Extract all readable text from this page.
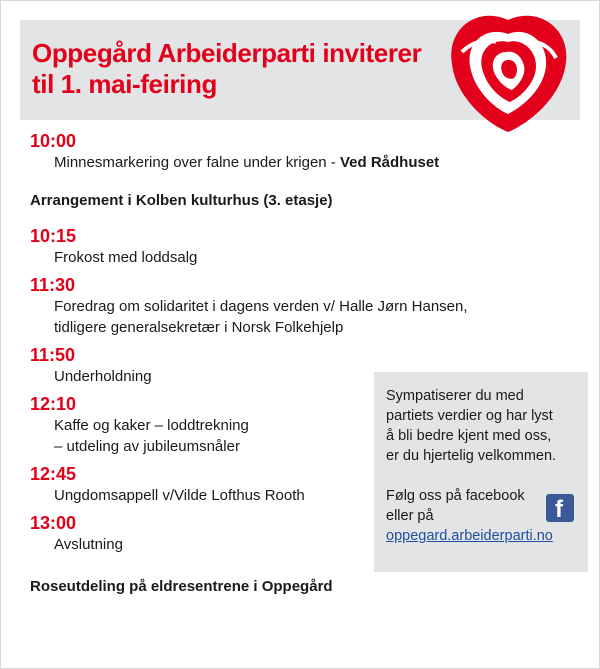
Oppegård Arbeiderparti inviterer
til 1. mai-feiring

10:00

Minnesmarkering over falne under krigen - Ved Rådhuset

Arrangement i Kolben kulturhus (3. etasje)

10:15

Frokost med loddsalg

11:30

Foredrag om solidaritet i dagens verden v/ Halle Jørn Hansen,

tidligere generalsekretær i Norsk Folkehjelp

11:50

Underholdning

12:10

Kaffe og kaker – loddtrekning

– utdeling av jubileumsnåler

12:45

Ungdomsappell v/Vilde Lofthus Rooth

13:00

Avslutning

Roseutdeling på eldresentrene i Oppegård

Sympatiserer du med

partiets verdier og har lyst

å bli bedre kjent med oss,

er du hjertelig velkommen.

Følg oss på facebook

eller på

oppegard.arbeiderparti.no

f
